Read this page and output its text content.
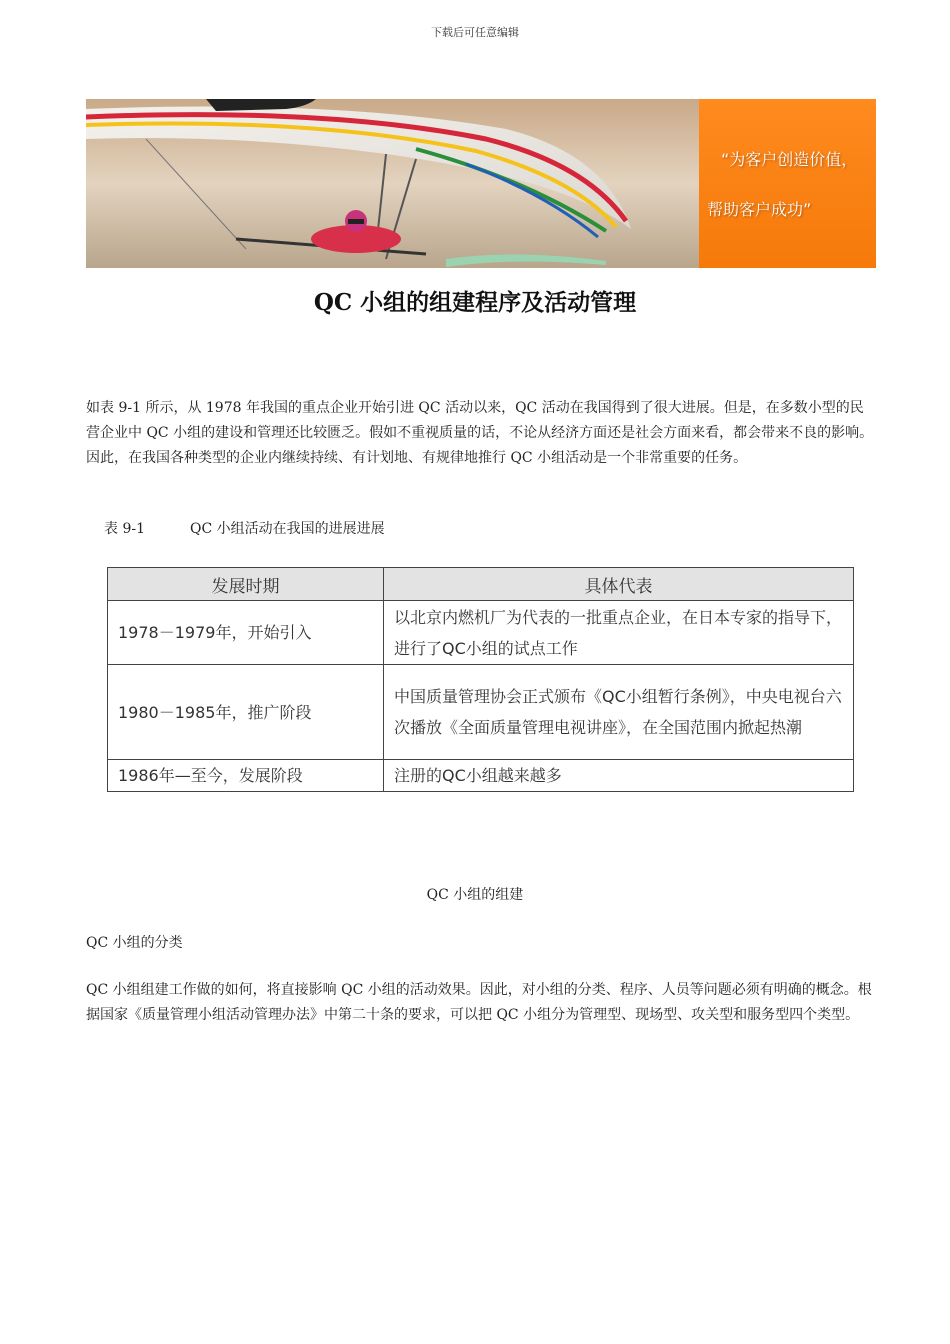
下载后可任意编辑
“为客户创造价值，
帮助客户成功”
QC 小组的组建程序及活动管理

如表 9-1 所示，从 1978 年我国的重点企业开始引进 QC 活动以来，QC 活动在我国得到了很大进展。但是，在多数小型的民营企业中 QC 小组的建设和管理还比较匮乏。假如不重视质量的话，不论从经济方面还是社会方面来看，都会带来不良的影响。因此，在我国各种类型的企业内继续持续、有计划地、有规律地推行 QC 小组活动是一个非常重要的任务。

表 9-1	QC 小组活动在我国的进展进展
发展时期	具体代表
1978－1979年，开始引入	以北京内燃机厂为代表的一批重点企业，在日本专家的指导下，进行了QC小组的试点工作
1980－1985年，推广阶段	中国质量管理协会正式颁布《QC小组暂行条例》，中央电视台六次播放《全面质量管理电视讲座》，在全国范围内掀起热潮
1986年—至今，发展阶段	注册的QC小组越来越多
QC 小组的组建
QC 小组的分类

QC 小组组建工作做的如何，将直接影响 QC 小组的活动效果。因此，对小组的分类、程序、人员等问题必须有明确的概念。根据国家《质量管理小组活动管理办法》中第二十条的要求，可以把 QC 小组分为管理型、现场型、攻关型和服务型四个类型。
